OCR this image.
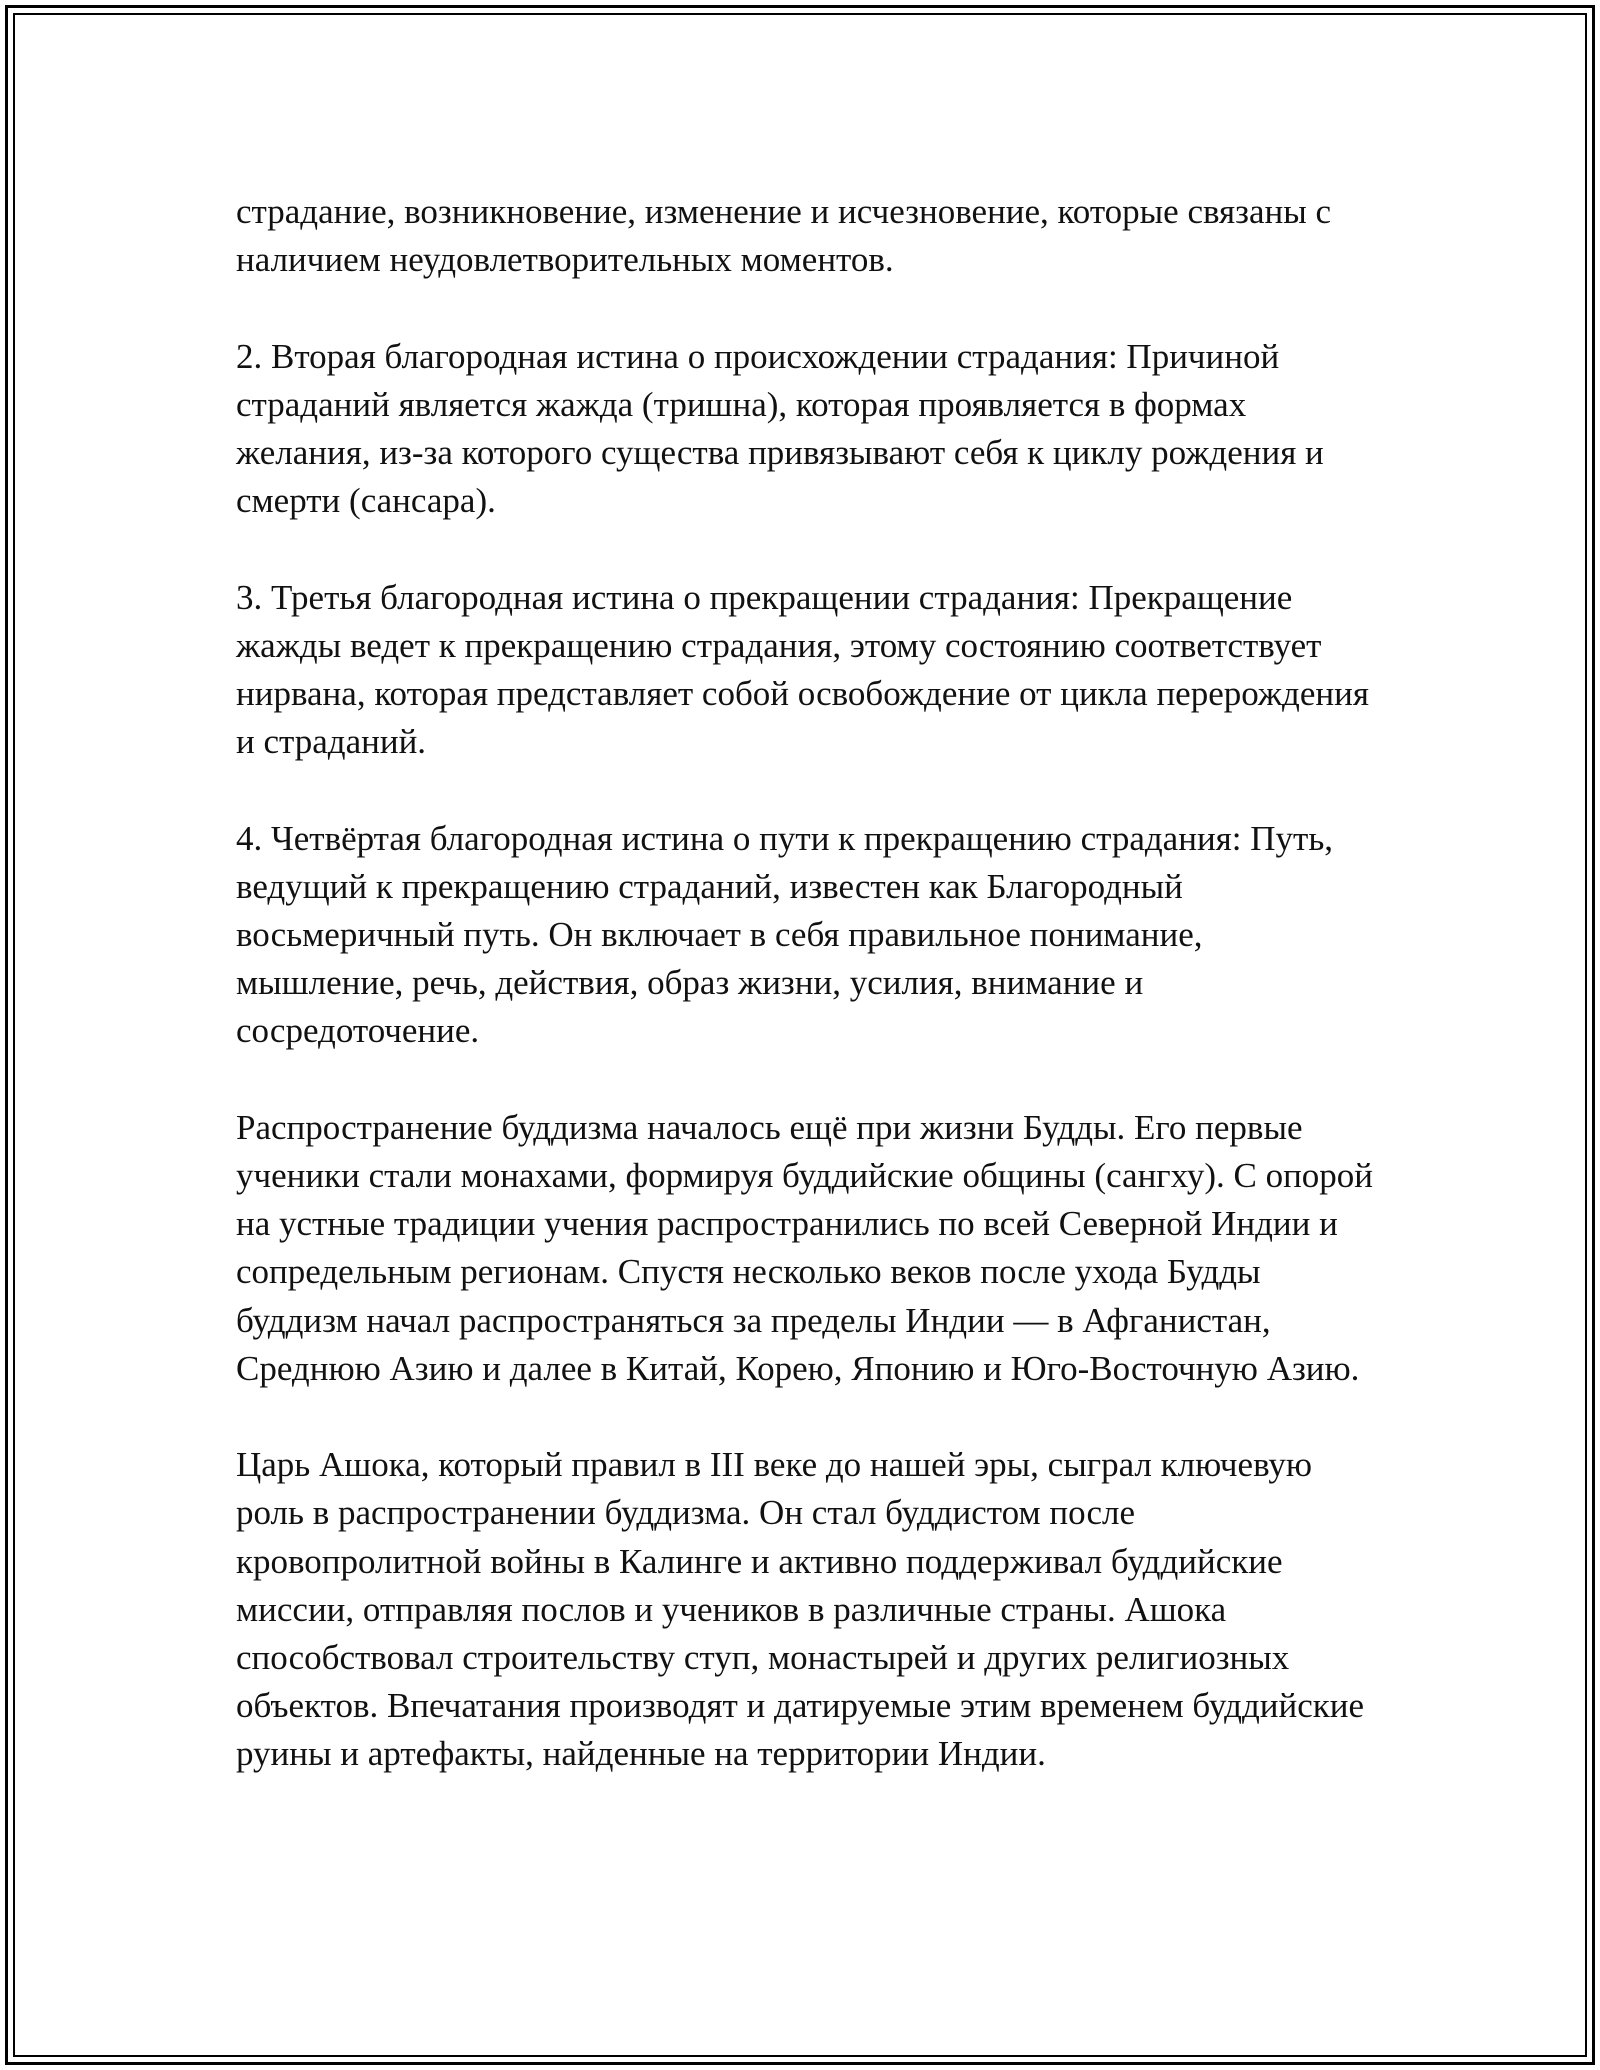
страдание, возникновение, изменение и исчезновение, которые связаны с наличием неудовлетворительных моментов.

2. Вторая благородная истина о происхождении страдания: Причиной страданий является жажда (тришна), которая проявляется в формах желания, из-за которого существа привязывают себя к циклу рождения и смерти (сансара).

3. Третья благородная истина о прекращении страдания: Прекращение жажды ведет к прекращению страдания, этому состоянию соответствует нирвана, которая представляет собой освобождение от цикла перерождения и страданий.

4. Четвёртая благородная истина о пути к прекращению страдания: Путь, ведущий к прекращению страданий, известен как Благородный восьмеричный путь. Он включает в себя правильное понимание, мышление, речь, действия, образ жизни, усилия, внимание и сосредоточение.

Распространение буддизма началось ещё при жизни Будды. Его первые ученики стали монахами, формируя буддийские общины (сангху). С опорой на устные традиции учения распространились по всей Северной Индии и сопредельным регионам. Спустя несколько веков после ухода Будды буддизм начал распространяться за пределы Индии — в Афганистан, Среднюю Азию и далее в Китай, Корею, Японию и Юго-Восточную Азию.

Царь Ашока, который правил в III веке до нашей эры, сыграл ключевую роль в распространении буддизма. Он стал буддистом после кровопролитной войны в Калинге и активно поддерживал буддийские миссии, отправляя послов и учеников в различные страны. Ашока способствовал строительству ступ, монастырей и других религиозных объектов. Впечатания производят и датируемые этим временем буддийские руины и артефакты, найденные на территории Индии.
